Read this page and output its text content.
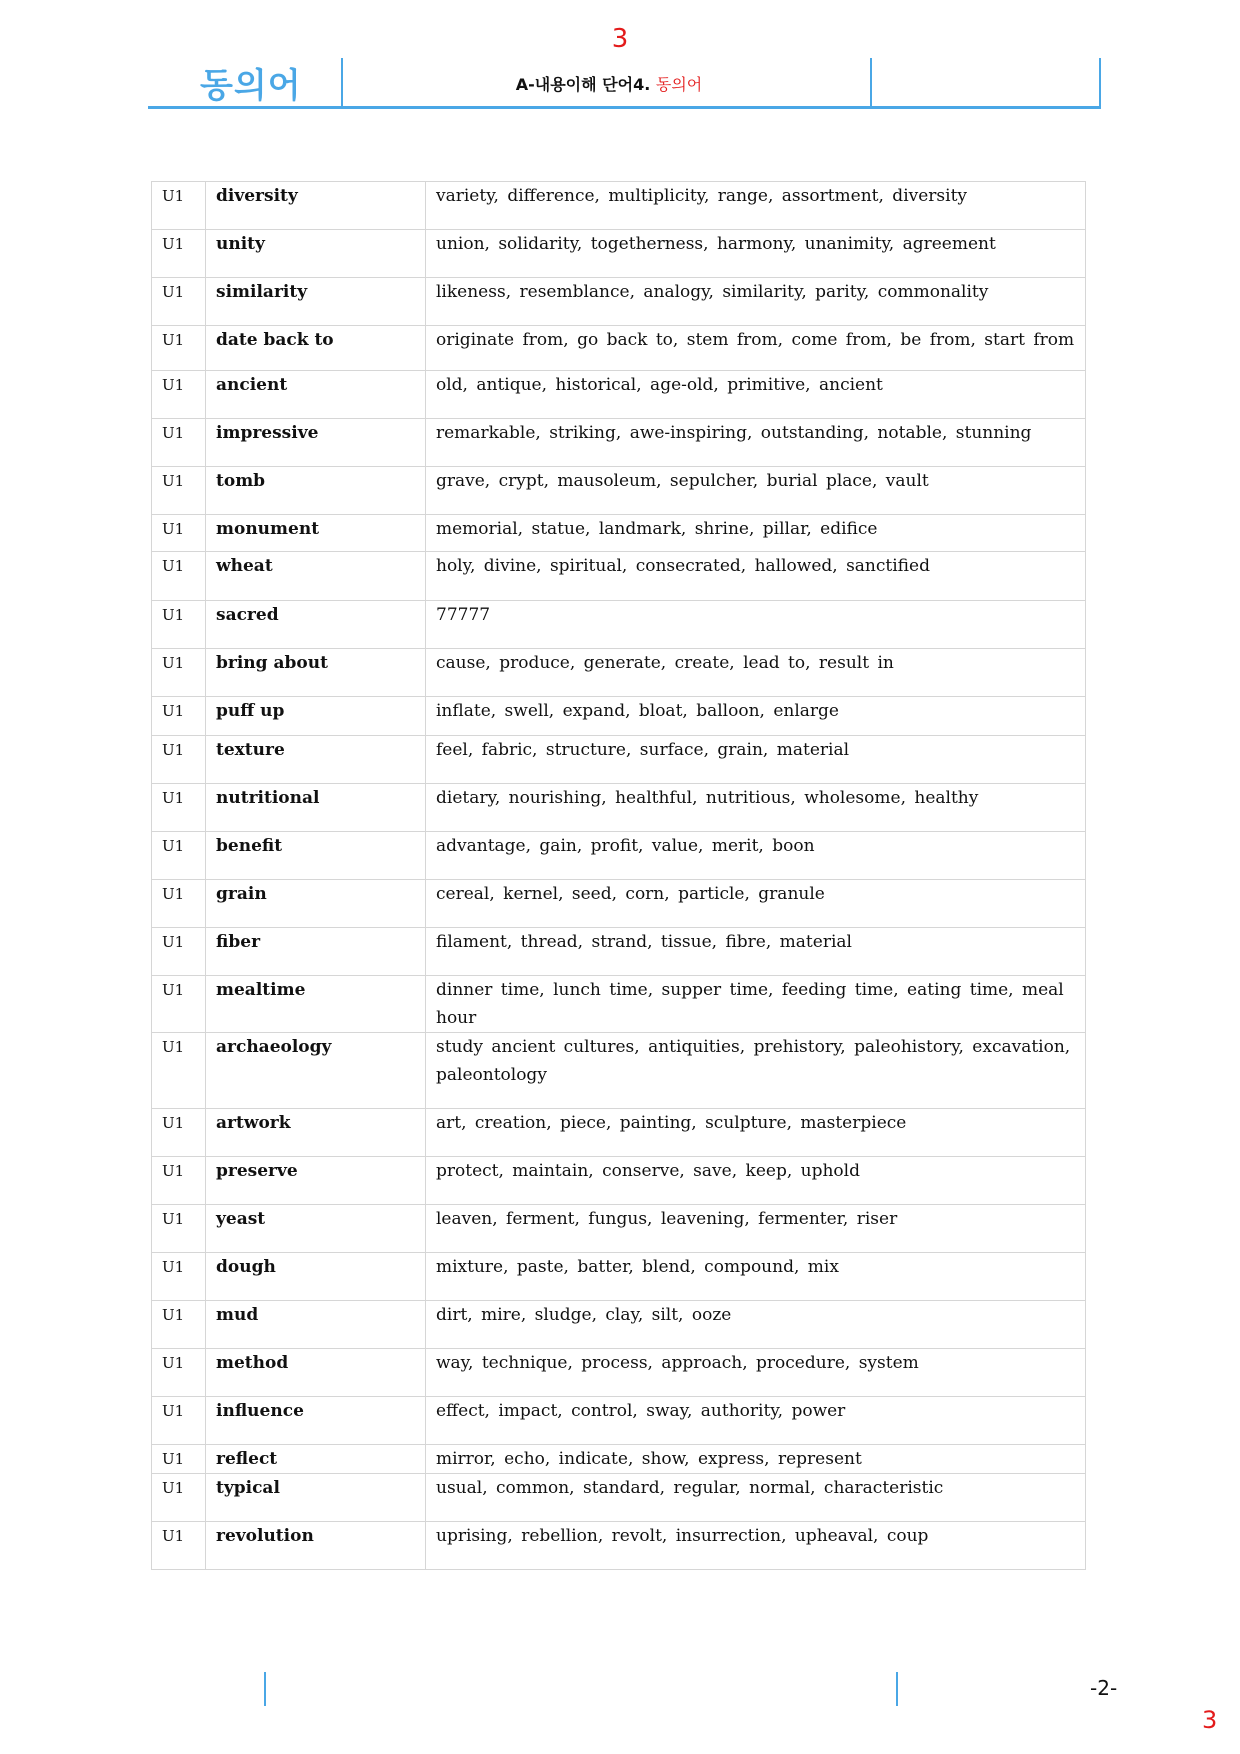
3
동의어	A-내용이해 단어4. 동의어
U1	diversity	variety, difference, multiplicity, range, assortment, diversity
U1	unity	union, solidarity, togetherness, harmony, unanimity, agreement
U1	similarity	likeness, resemblance, analogy, similarity, parity, commonality
U1	date back to	originate from, go back to, stem from, come from, be from, start from
U1	ancient	old, antique, historical, age-old, primitive, ancient
U1	impressive	remarkable, striking, awe-inspiring, outstanding, notable, stunning
U1	tomb	grave, crypt, mausoleum, sepulcher, burial place, vault
U1	monument	memorial, statue, landmark, shrine, pillar, edifice
U1	wheat	holy, divine, spiritual, consecrated, hallowed, sanctified
U1	sacred	77777
U1	bring about	cause, produce, generate, create, lead to, result in
U1	puff up	inflate, swell, expand, bloat, balloon, enlarge
U1	texture	feel, fabric, structure, surface, grain, material
U1	nutritional	dietary, nourishing, healthful, nutritious, wholesome, healthy
U1	benefit	advantage, gain, profit, value, merit, boon
U1	grain	cereal, kernel, seed, corn, particle, granule
U1	fiber	filament, thread, strand, tissue, fibre, material
U1	mealtime	dinner time, lunch time, supper time, feeding time, eating time, meal hour
U1	archaeology	study ancient cultures, antiquities, prehistory, paleohistory, excavation, paleontology
U1	artwork	art, creation, piece, painting, sculpture, masterpiece
U1	preserve	protect, maintain, conserve, save, keep, uphold
U1	yeast	leaven, ferment, fungus, leavening, fermenter, riser
U1	dough	mixture, paste, batter, blend, compound, mix
U1	mud	dirt, mire, sludge, clay, silt, ooze
U1	method	way, technique, process, approach, procedure, system
U1	influence	effect, impact, control, sway, authority, power
U1	reflect	mirror, echo, indicate, show, express, represent
U1	typical	usual, common, standard, regular, normal, characteristic
U1	revolution	uprising, rebellion, revolt, insurrection, upheaval, coup
-2-
3
